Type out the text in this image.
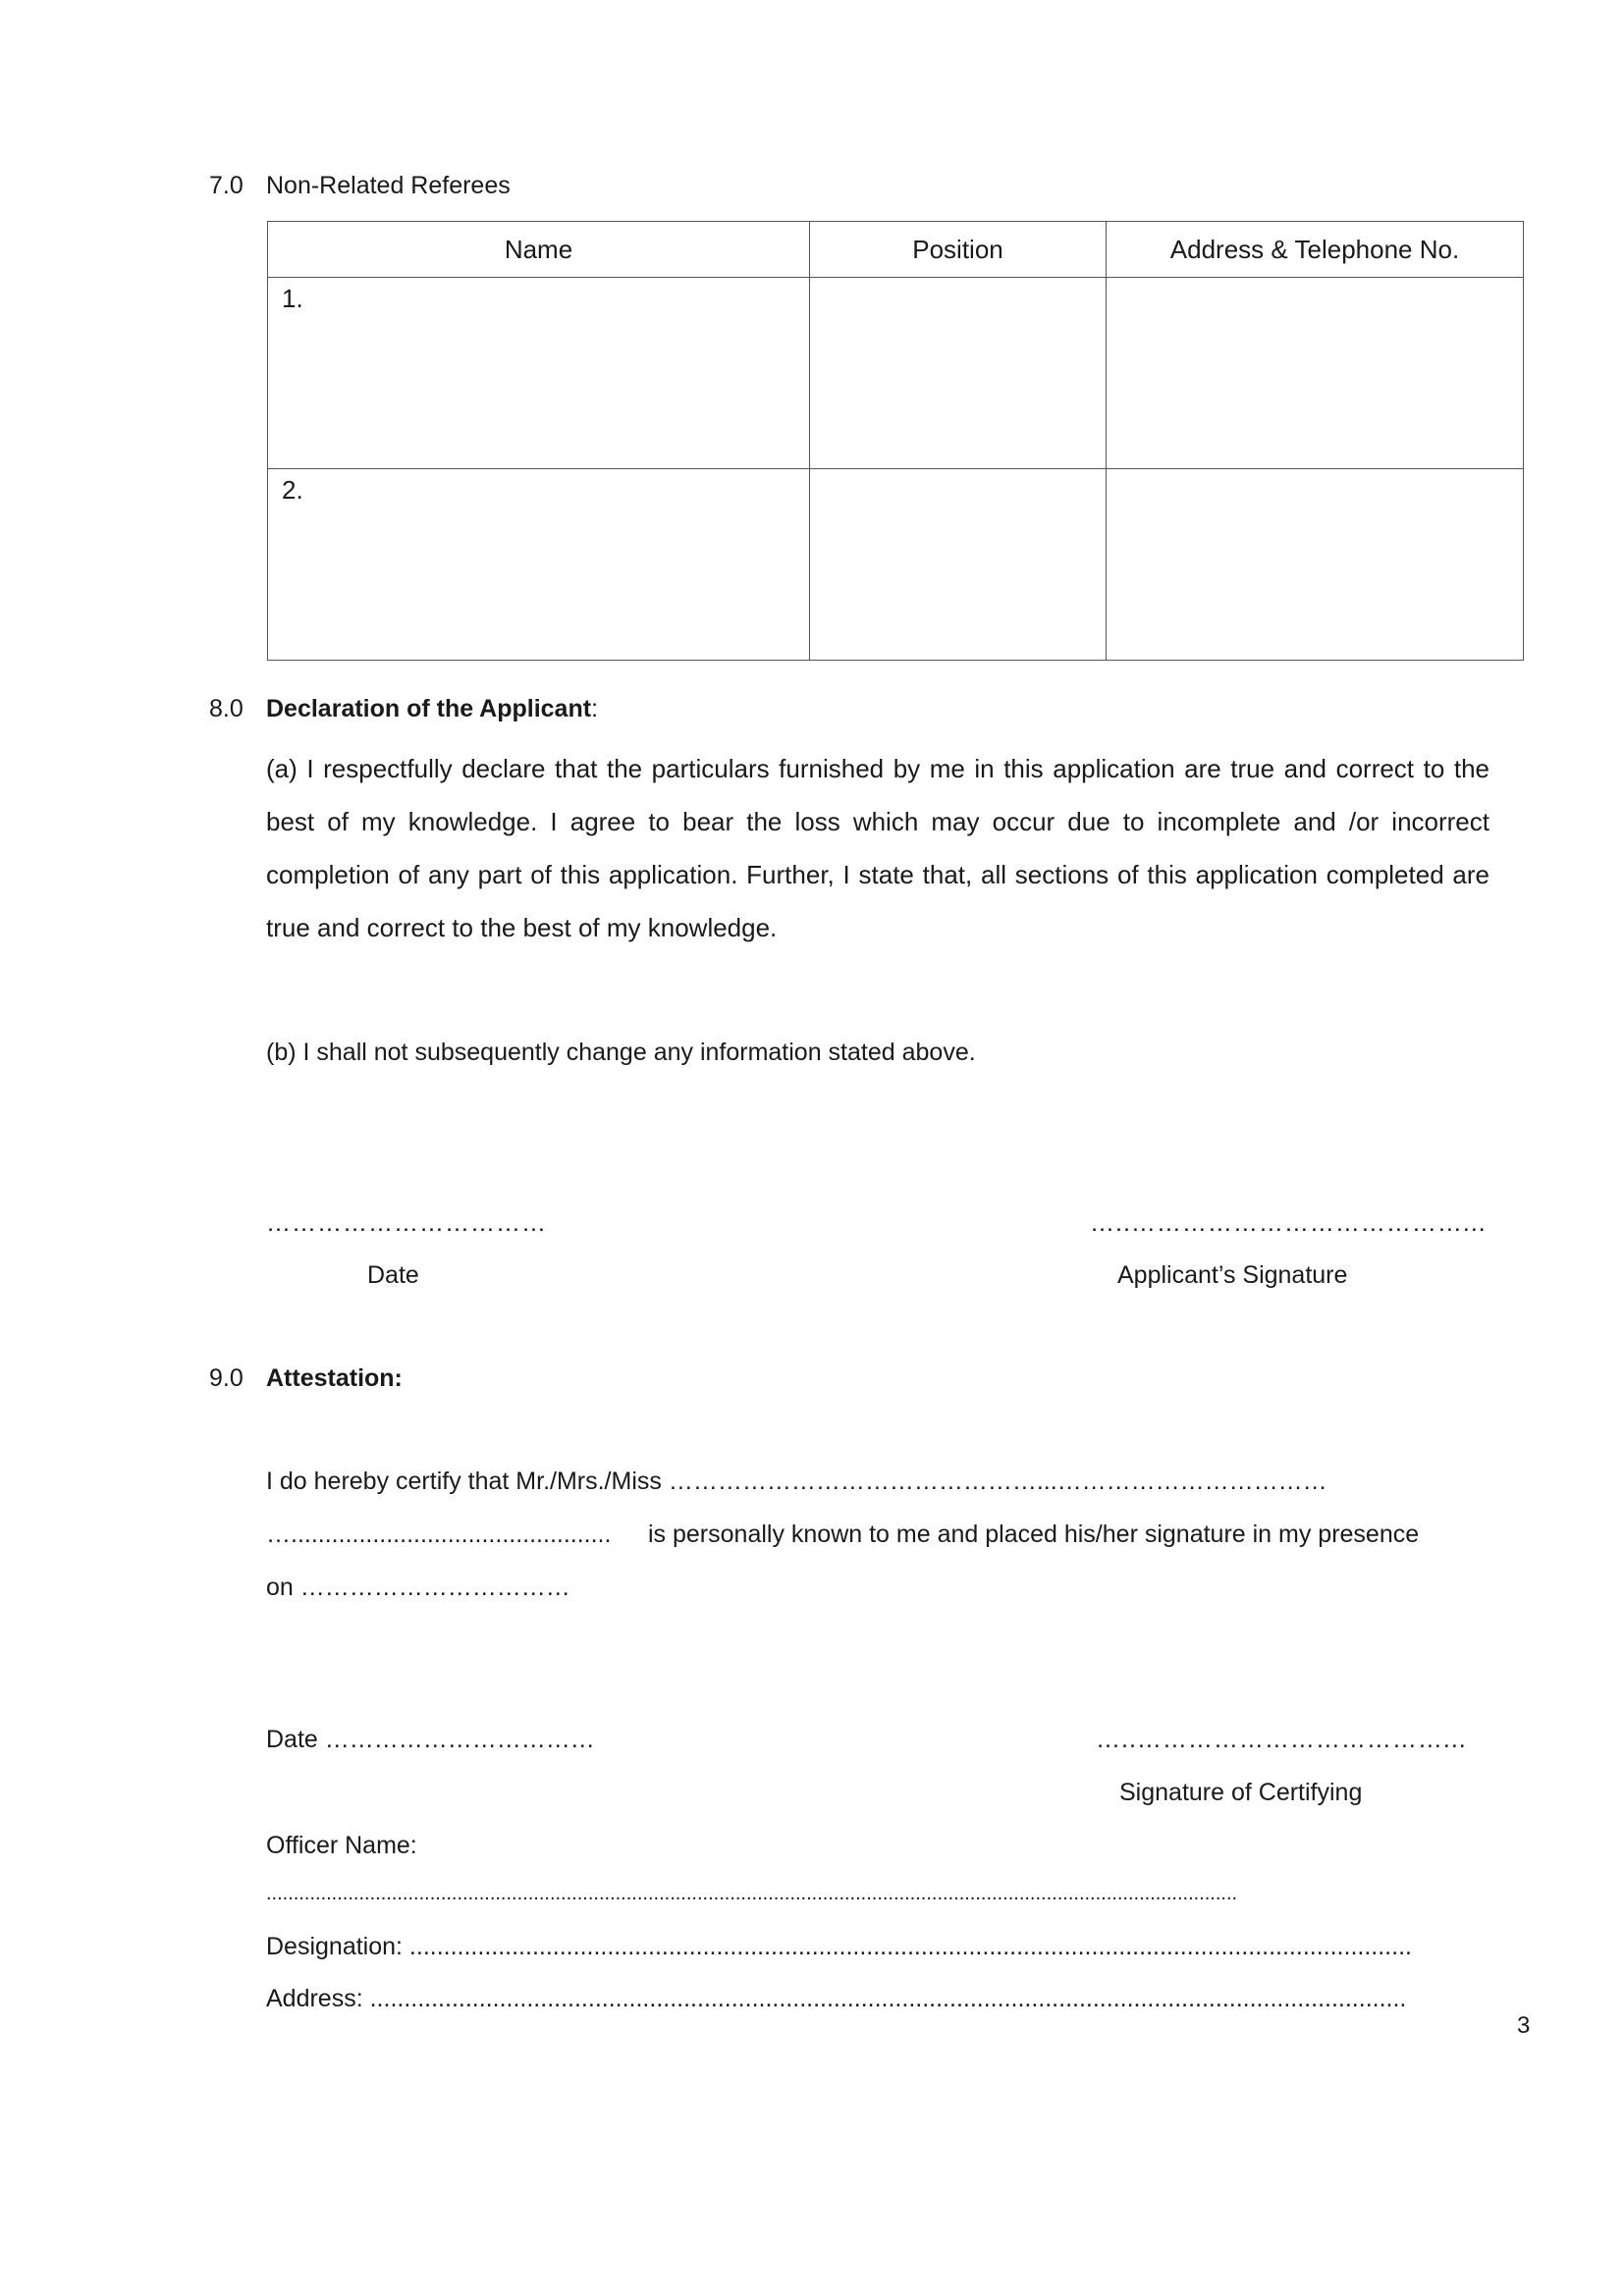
7.0 Non-Related Referees
Name	Position	Address & Telephone No.
1.		
2.		
8.0 Declaration of the Applicant:
(a) I respectfully declare that the particulars furnished by me in this application are true and correct to the best of my knowledge. I agree to bear the loss which may occur due to incomplete and /or incorrect completion of any part of this application. Further, I state that, all sections of this application completed are true and correct to the best of my knowledge.
(b) I shall not subsequently change any information stated above.
……………………………
Date
…..…………………………………...
Applicant’s Signature
9.0 Attestation:
I do hereby certify that Mr./Mrs./Miss ………………………………………...……………………………
…............................................... is personally known to me and placed his/her signature in my presence
on ……………………………
Date ……………………………	…..………………………………...
Signature of Certifying
Officer Name:
..................................................................................................................................................................................
Designation: ...................................................................................................................................................
Address: ........................................................................................................................................................
3
